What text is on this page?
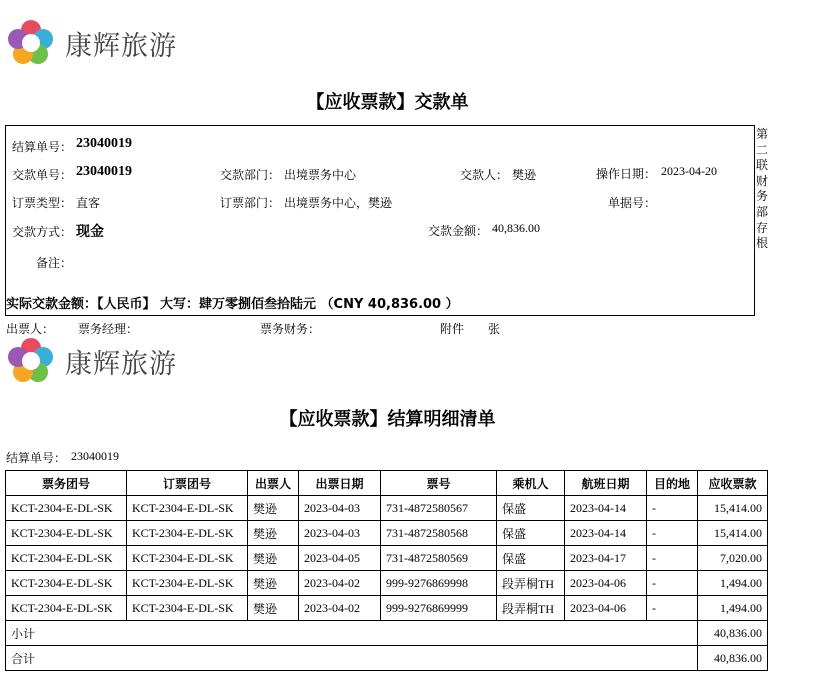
康辉旅游
【应收票款】交款单
结算单号： 23040019
交款单号： 23040019	交款部门： 出境票务中心	交款人： 樊逊	操作日期： 2023-04-20
订票类型： 直客	订票部门： 出境票务中心，樊逊	单据号：
交款方式： 现金	交款金额： 40,836.00
备注：
实际交款金额：【人民币】 大写：肆万零捌佰叁拾陆元 （CNY 40,836.00 ）
第
二
联
财
务
部
存
根
出票人： 票务经理：	票务财务：	附件 张
康辉旅游
【应收票款】结算明细清单
结算单号： 23040019
票务团号	订票团号	出票人	出票日期	票号	乘机人	航班日期	目的地	应收票款
KCT-2304-E-DL-SK	KCT-2304-E-DL-SK	樊逊	2023-04-03	731-4872580567	保盛	2023-04-14	-	15,414.00
KCT-2304-E-DL-SK	KCT-2304-E-DL-SK	樊逊	2023-04-03	731-4872580568	保盛	2023-04-14	-	15,414.00
KCT-2304-E-DL-SK	KCT-2304-E-DL-SK	樊逊	2023-04-05	731-4872580569	保盛	2023-04-17	-	7,020.00
KCT-2304-E-DL-SK	KCT-2304-E-DL-SK	樊逊	2023-04-02	999-9276869998	段弄桐TH	2023-04-06	-	1,494.00
KCT-2304-E-DL-SK	KCT-2304-E-DL-SK	樊逊	2023-04-02	999-9276869999	段弄桐TH	2023-04-06	-	1,494.00
小计								40,836.00
合计								40,836.00
